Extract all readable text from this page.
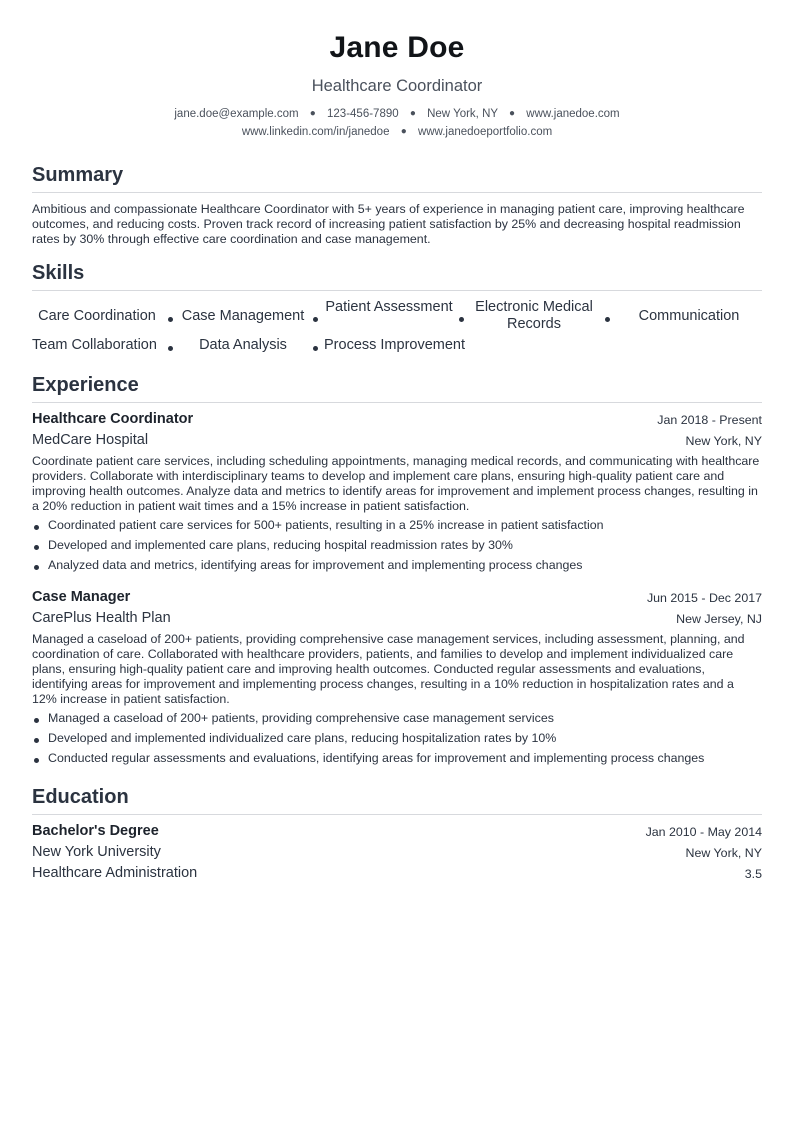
Jane Doe
Healthcare Coordinator
jane.doe@example.com ● 123-456-7890 ● New York, NY ● www.janedoe.com
www.linkedin.com/in/janedoe ● www.janedoeportfolio.com
Summary
Ambitious and compassionate Healthcare Coordinator with 5+ years of experience in managing patient care, improving healthcare outcomes, and reducing costs. Proven track record of increasing patient satisfaction by 25% and decreasing hospital readmission rates by 30% through effective care coordination and case management.
Skills
Care Coordination	Case Management
Patient Assessment	Electronic Medical Records	Communication
Team Collaboration	Data Analysis	Process Improvement
Experience
Healthcare Coordinator	Jan 2018 - Present
MedCare Hospital	New York, NY
Coordinate patient care services, including scheduling appointments, managing medical records, and communicating with healthcare providers. Collaborate with interdisciplinary teams to develop and implement care plans, ensuring high-quality patient care and improving health outcomes. Analyze data and metrics to identify areas for improvement and implement process changes, resulting in a 20% reduction in patient wait times and a 15% increase in patient satisfaction.
Coordinated patient care services for 500+ patients, resulting in a 25% increase in patient satisfaction
Developed and implemented care plans, reducing hospital readmission rates by 30%
Analyzed data and metrics, identifying areas for improvement and implementing process changes
Case Manager	Jun 2015 - Dec 2017
CarePlus Health Plan	New Jersey, NJ
Managed a caseload of 200+ patients, providing comprehensive case management services, including assessment, planning, and coordination of care. Collaborated with healthcare providers, patients, and families to develop and implement individualized care plans, ensuring high-quality patient care and improving health outcomes. Conducted regular assessments and evaluations, identifying areas for improvement and implementing process changes, resulting in a 10% reduction in hospitalization rates and a 12% increase in patient satisfaction.
Managed a caseload of 200+ patients, providing comprehensive case management services
Developed and implemented individualized care plans, reducing hospitalization rates by 10%
Conducted regular assessments and evaluations, identifying areas for improvement and implementing process changes
Education
Bachelor's Degree	Jan 2010 - May 2014
New York University	New York, NY
Healthcare Administration	3.5
